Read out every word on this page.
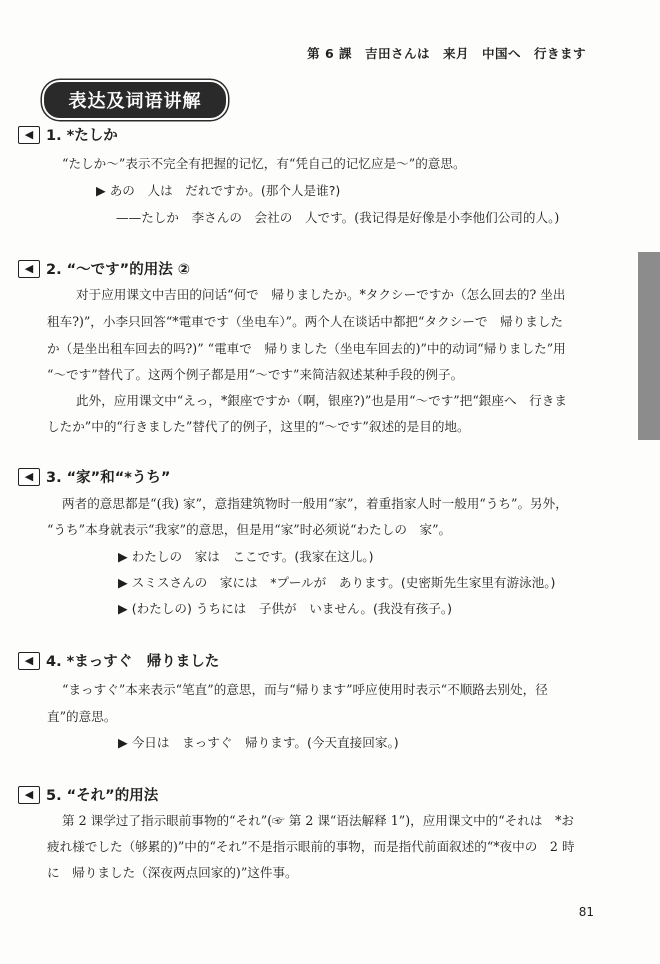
第 6 課　吉田さんは　来月　中国へ　行きます
表达及词语讲解
◀ 1. *たしか
“たしか～”表示不完全有把握的记忆，有“凭自己的记忆应是～”的意思。
▶ あの　人は　だれですか。(那个人是谁?)
——たしか　李さんの　会社の　人です。(我记得是好像是小李他们公司的人。)
◀ 2. “～です”的用法 ②
对于应用课文中吉田的问话“何で　帰りましたか。*タクシーですか（怎么回去的? 坐出
租车?)”，小李只回答“*電車です（坐电车）”。两个人在谈话中都把“タクシーで　帰りました
か（是坐出租车回去的吗?)” “電車で　帰りました（坐电车回去的)”中的动词“帰りました”用
“～です”替代了。这两个例子都是用“～です”来简洁叙述某种手段的例子。
此外，应用课文中“えっ，*銀座ですか（啊，银座?)”也是用“～です”把“銀座へ　行きま
したか”中的“行きました”替代了的例子，这里的“～です”叙述的是目的地。
◀ 3. “家”和“*うち”
两者的意思都是“(我) 家”，意指建筑物时一般用“家”，着重指家人时一般用“うち”。另外，
“うち”本身就表示“我家”的意思，但是用“家”时必须说“わたしの　家”。
▶ わたしの　家は　ここです。(我家在这儿。)
▶ スミスさんの　家には　*プールが　あります。(史密斯先生家里有游泳池。)
▶ (わたしの) うちには　子供が　いません。(我没有孩子。)
◀ 4. *まっすぐ　帰りました
“まっすぐ”本来表示“笔直”的意思，而与“帰ります”呼应使用时表示“不顺路去别处，径
直”的意思。
▶ 今日は　まっすぐ　帰ります。(今天直接回家。)
◀ 5. “それ”的用法
第 2 课学过了指示眼前事物的“それ”(☞ 第 2 课“语法解释 1”)，应用课文中的“それは　*お
疲れ様でした（够累的)”中的“それ”不是指示眼前的事物，而是指代前面叙述的“*夜中の　2 時
に　帰りました（深夜两点回家的)”这件事。
81
